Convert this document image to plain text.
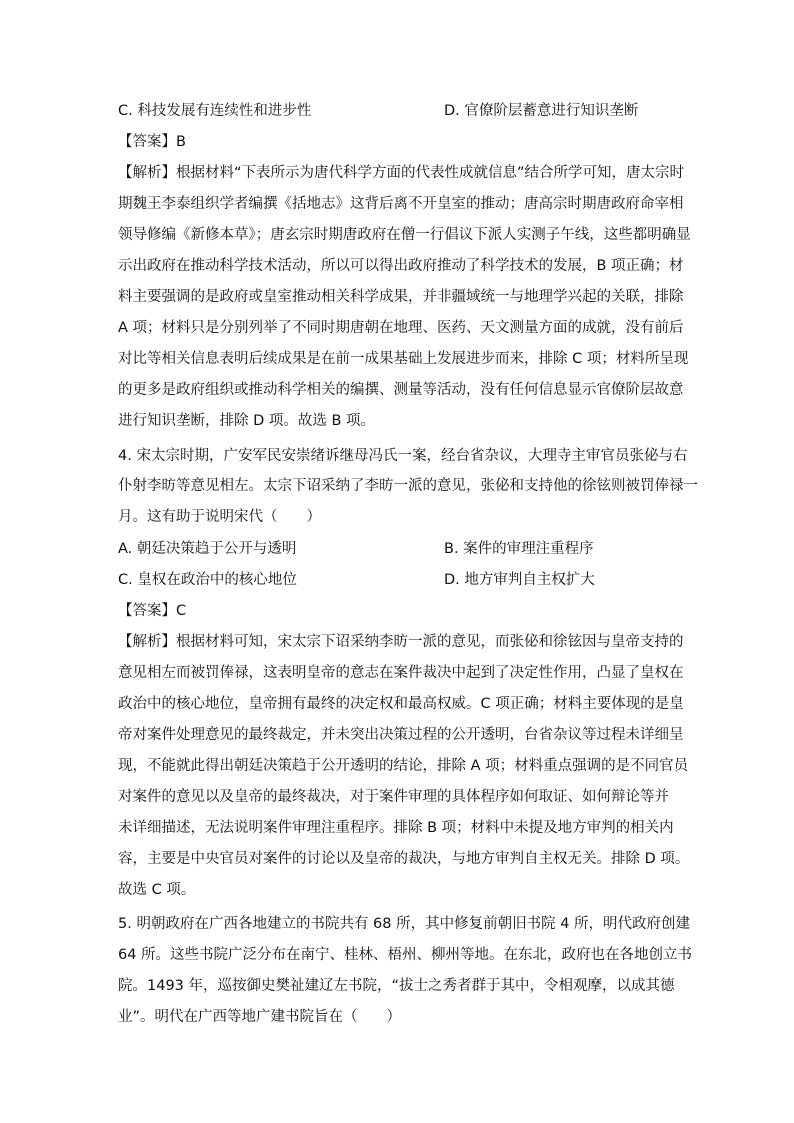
C. 科技发展有连续性和进步性	D. 官僚阶层蓄意进行知识垄断
【答案】B
【解析】根据材料“下表所示为唐代科学方面的代表性成就信息”结合所学可知，唐太宗时
期魏王李泰组织学者编撰《括地志》这背后离不开皇室的推动；唐高宗时期唐政府命宰相
领导修编《新修本草》；唐玄宗时期唐政府在僧一行倡议下派人实测子午线，这些都明确显
示出政府在推动科学技术活动，所以可以得出政府推动了科学技术的发展，B 项正确；材
料主要强调的是政府或皇室推动相关科学成果，并非疆域统一与地理学兴起的关联，排除
A 项；材料只是分别列举了不同时期唐朝在地理、医药、天文测量方面的成就，没有前后
对比等相关信息表明后续成果是在前一成果基础上发展进步而来，排除 C 项；材料所呈现
的更多是政府组织或推动科学相关的编撰、测量等活动，没有任何信息显示官僚阶层故意
进行知识垄断，排除 D 项。故选 B 项。
4. 宋太宗时期，广安军民安崇绪诉继母冯氏一案，经台省杂议，大理寺主审官员张佖与右
仆射李昉等意见相左。太宗下诏采纳了李昉一派的意见，张佖和支持他的徐铉则被罚俸禄一
月。这有助于说明宋代（　　）
A. 朝廷决策趋于公开与透明	B. 案件的审理注重程序
C. 皇权在政治中的核心地位	D. 地方审判自主权扩大
【答案】C
【解析】根据材料可知，宋太宗下诏采纳李昉一派的意见，而张佖和徐铉因与皇帝支持的
意见相左而被罚俸禄，这表明皇帝的意志在案件裁决中起到了决定性作用，凸显了皇权在
政治中的核心地位，皇帝拥有最终的决定权和最高权威。C 项正确；材料主要体现的是皇
帝对案件处理意见的最终裁定，并未突出决策过程的公开透明，台省杂议等过程未详细呈
现，不能就此得出朝廷决策趋于公开透明的结论，排除 A 项；材料重点强调的是不同官员
对案件的意见以及皇帝的最终裁决，对于案件审理的具体程序如何取证、如何辩论等并
未详细描述，无法说明案件审理注重程序。排除 B 项；材料中未提及地方审判的相关内
容，主要是中央官员对案件的讨论以及皇帝的裁决，与地方审判自主权无关。排除 D 项。
故选 C 项。
5. 明朝政府在广西各地建立的书院共有 68 所，其中修复前朝旧书院 4 所，明代政府创建
64 所。这些书院广泛分布在南宁、桂林、梧州、柳州等地。在东北，政府也在各地创立书
院。1493 年，巡按御史樊祉建辽左书院，“拔士之秀者群于其中，令相观摩，以成其德
业”。明代在广西等地广建书院旨在（　　）
